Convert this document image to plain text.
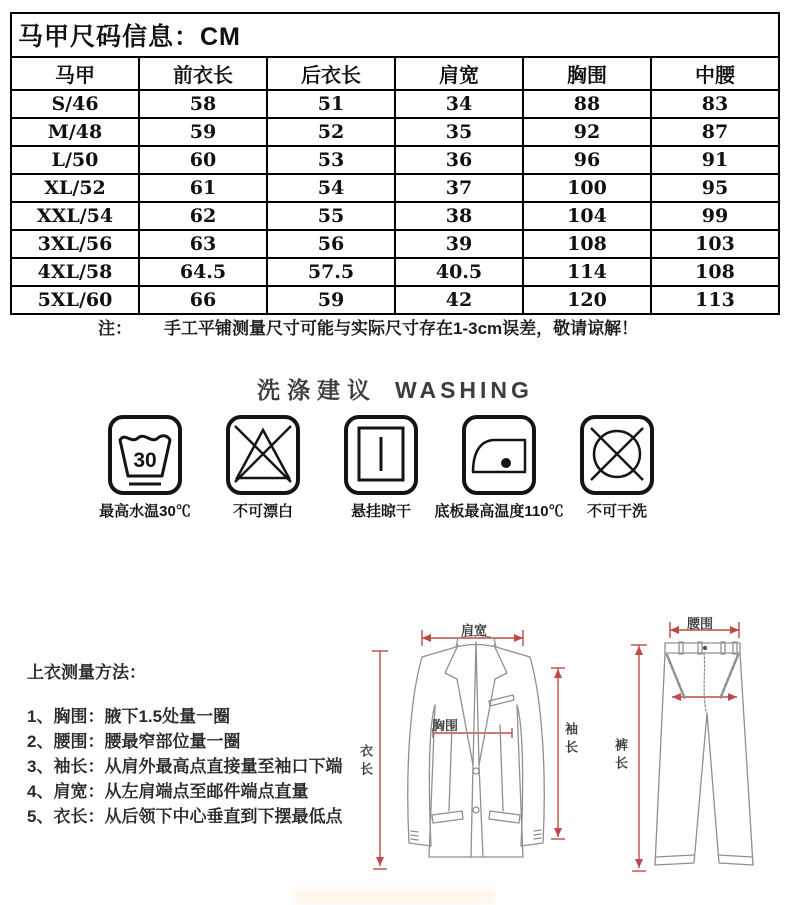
马甲尺码信息：CM					
马甲	前衣长	后衣长	肩宽	胸围	中腰
S/46	58	51	34	88	83
M/48	59	52	35	92	87
L/50	60	53	36	96	91
XL/52	61	54	37	100	95
XXL/54	62	55	38	104	99
3XL/56	63	56	39	108	103
4XL/58	64.5	57.5	40.5	114	108
5XL/60	66	59	42	120	113
注： 手工平铺测量尺寸可能与实际尺寸存在1-3cm误差，敬请谅解！
洗涤建议 WASHING
30
最高水温30℃	不可漂白	悬挂晾干 底板最高温度110℃ 不可干洗
上衣测量方法：
1、胸围：腋下1.5处量一圈
2、腰围：腰最窄部位量一圈
3、袖长：从肩外最高点直接量至袖口下端
4、肩宽：从左肩端点至邮件端点直量
5、衣长：从后领下中心垂直到下摆最低点
肩宽
胸围
衣长
袖长
腰围
裤长
